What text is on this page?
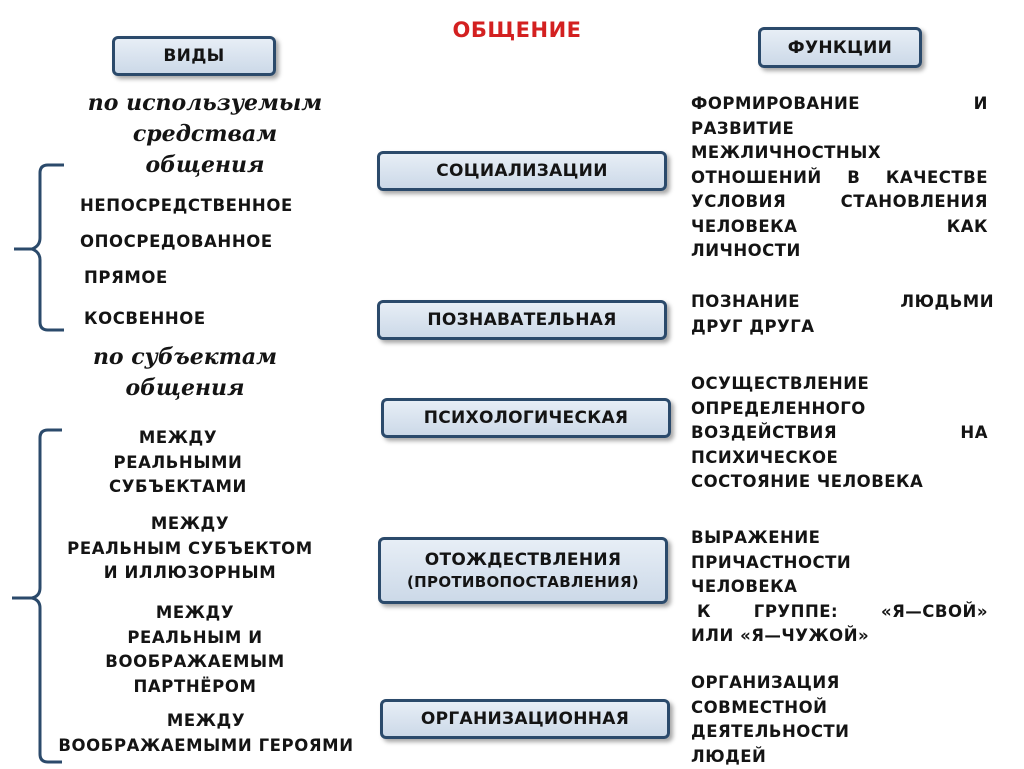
ОБЩЕНИЕ
ВИДЫ	ФУНКЦИИ
по используемым
средствам
общения
НЕПОСРЕДСТВЕННОЕ
ОПОСРЕДОВАННОЕ
ПРЯМОЕ
КОСВЕННОЕ
по субъектам
общения
МЕЖДУ
РЕАЛЬНЫМИ
СУБЪЕКТАМИ
МЕЖДУ
РЕАЛЬНЫМ СУБЪЕКТОМ
И ИЛЛЮЗОРНЫМ
МЕЖДУ
РЕАЛЬНЫМ И
ВООБРАЖАЕМЫМ
ПАРТНЁРОМ
МЕЖДУ
ВООБРАЖАЕМЫМИ ГЕРОЯМИ
СОЦИАЛИЗАЦИИ
ПОЗНАВАТЕЛЬНАЯ
ПСИХОЛОГИЧЕСКАЯ
ОТОЖДЕСТВЛЕНИЯ
(ПРОТИВОПОСТАВЛЕНИЯ)
ОРГАНИЗАЦИОННАЯ
ФОРМИРОВАНИЕ И
РАЗВИТИЕ
МЕЖЛИЧНОСТНЫХ
ОТНОШЕНИЙ В КАЧЕСТВЕ
УСЛОВИЯ СТАНОВЛЕНИЯ
ЧЕЛОВЕКА КАК
ЛИЧНОСТИ
ПОЗНАНИЕ ЛЮДЬМИ
ДРУГ ДРУГА
ОСУЩЕСТВЛЕНИЕ
ОПРЕДЕЛЕННОГО
ВОЗДЕЙСТВИЯ НА
ПСИХИЧЕСКОЕ
СОСТОЯНИЕ ЧЕЛОВЕКА
ВЫРАЖЕНИЕ
ПРИЧАСТНОСТИ
ЧЕЛОВЕКА
К ГРУППЕ: «Я—СВОЙ»
ИЛИ «Я—ЧУЖОЙ»
ОРГАНИЗАЦИЯ
СОВМЕСТНОЙ
ДЕЯТЕЛЬНОСТИ
ЛЮДЕЙ
